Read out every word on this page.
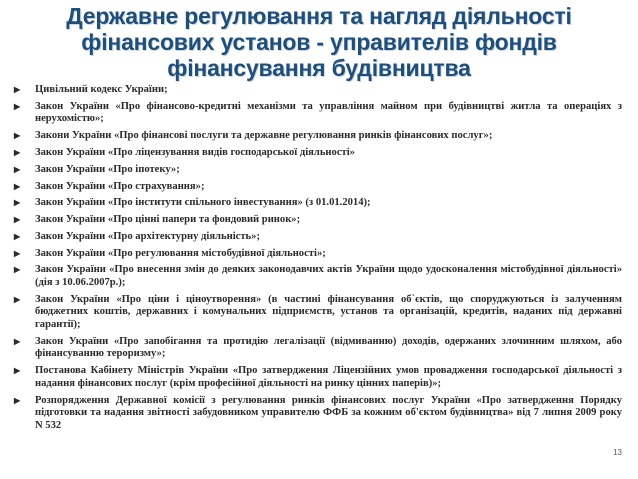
Державне регулювання та нагляд діяльності
фінансових установ - управителів фондів
фінансування будівництва
▶ Цивільний кодекс України;
▶ Закон України «Про фінансово-кредитні механізми та управління майном при будівництві житла та операціях з нерухомістю»;
▶ Закони України «Про фінансові послуги та державне регулювання ринків фінансових послуг»;
▶ Закон України «Про ліцензування видів господарської діяльності»
▶ Закон України «Про іпотеку»;
▶ Закон України «Про страхування»;
▶ Закон України «Про інститути спільного інвестування» (з 01.01.2014);
▶ Закон України «Про цінні папери та фондовий ринок»;
▶ Закон України «Про архітектурну діяльність»;
▶ Закон України «Про регулювання містобудівної діяльності»;
▶ Закон України «Про внесення змін до деяких законодавчих актів України щодо удосконалення містобудівної діяльності» (дія з 10.06.2007р.);
▶ Закон України «Про ціни і ціноутворення» (в частині фінансування об`єктів, що споруджуються із залученням бюджетних коштів, державних і комунальних підприємств, установ та організацій, кредитів, наданих під державні гарантії);
▶ Закон України «Про запобігання та протидію легалізації (відмиванню) доходів, одержаних злочинним шляхом, або фінансуванню тероризму»;
▶ Постанова Кабінету Міністрів України «Про затвердження Ліцензійних умов провадження господарської діяльності з надання фінансових послуг (крім професійної діяльності на ринку цінних паперів)»;
▶ Розпорядження Державної комісії з регулювання ринків фінансових послуг України «Про затвердження Порядку підготовки та надання звітності забудовником управителю ФФБ за кожним об'єктом будівництва» від 7 липня 2009 року N 532
13
